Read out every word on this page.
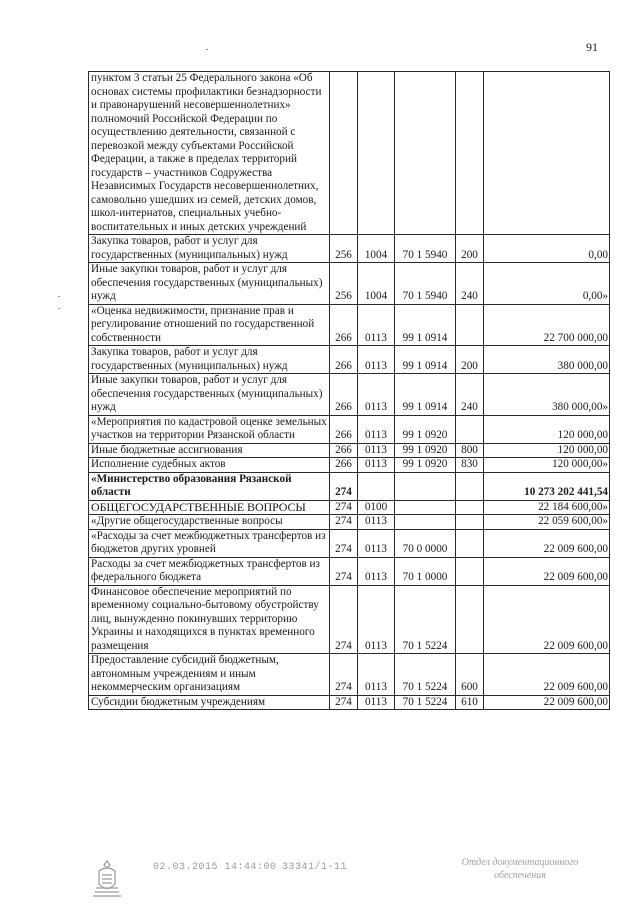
91
пунктом 3 статьи 25 Федерального закона «Об основах системы профилактики безнадзорности и правонарушений несовершеннолетних» полномочий Российской Федерации по осуществлению деятельности, связанной с перевозкой между субъектами Российской Федерации, а также в пределах территорий государств – участников Содружества Независимых Государств несовершеннолетних, самовольно ушедших из семей, детских домов, школ-интернатов, специальных учебно-воспитательных и иных детских учреждений					
Закупка товаров, работ и услуг для государственных (муниципальных) нужд	256	1004	70 1 5940	200	0,00
Иные закупки товаров, работ и услуг для обеспечения государственных (муниципальных) нужд	256	1004	70 1 5940	240	0,00»
«Оценка недвижимости, признание прав и регулирование отношений по государственной собственности	266	0113	99 1 0914		22 700 000,00
Закупка товаров, работ и услуг для государственных (муниципальных) нужд	266	0113	99 1 0914	200	380 000,00
Иные закупки товаров, работ и услуг для обеспечения государственных (муниципальных) нужд	266	0113	99 1 0914	240	380 000,00»
«Мероприятия по кадастровой оценке земельных участков на территории Рязанской области	266	0113	99 1 0920		120 000,00
Иные бюджетные ассигнования	266	0113	99 1 0920	800	120 000,00
Исполнение судебных актов	266	0113	99 1 0920	830	120 000,00»
«Министерство образования Рязанской области	274				10 273 202 441,54
ОБЩЕГОСУДАРСТВЕННЫЕ ВОПРОСЫ	274	0100			22 184 600,00»
«Другие общегосударственные вопросы	274	0113			22 059 600,00»
«Расходы за счет межбюджетных трансфертов из бюджетов других уровней	274	0113	70 0 0000		22 009 600,00
Расходы за счет межбюджетных трансфертов из федерального бюджета	274	0113	70 1 0000		22 009 600,00
Финансовое обеспечение мероприятий по временному социально-бытовому обустройству лиц, вынужденно покинувших территорию Украины и находящихся в пунктах временного размещения	274	0113	70 1 5224		22 009 600,00
Предоставление субсидий бюджетным, автономным учреждениям и иным некоммерческим организациям	274	0113	70 1 5224	600	22 009 600,00
Субсидии бюджетным учреждениям	274	0113	70 1 5224	610	22 009 600,00
02.03.2015 14:44:00 33341/1-11	Отдел документационного
обеспечения
